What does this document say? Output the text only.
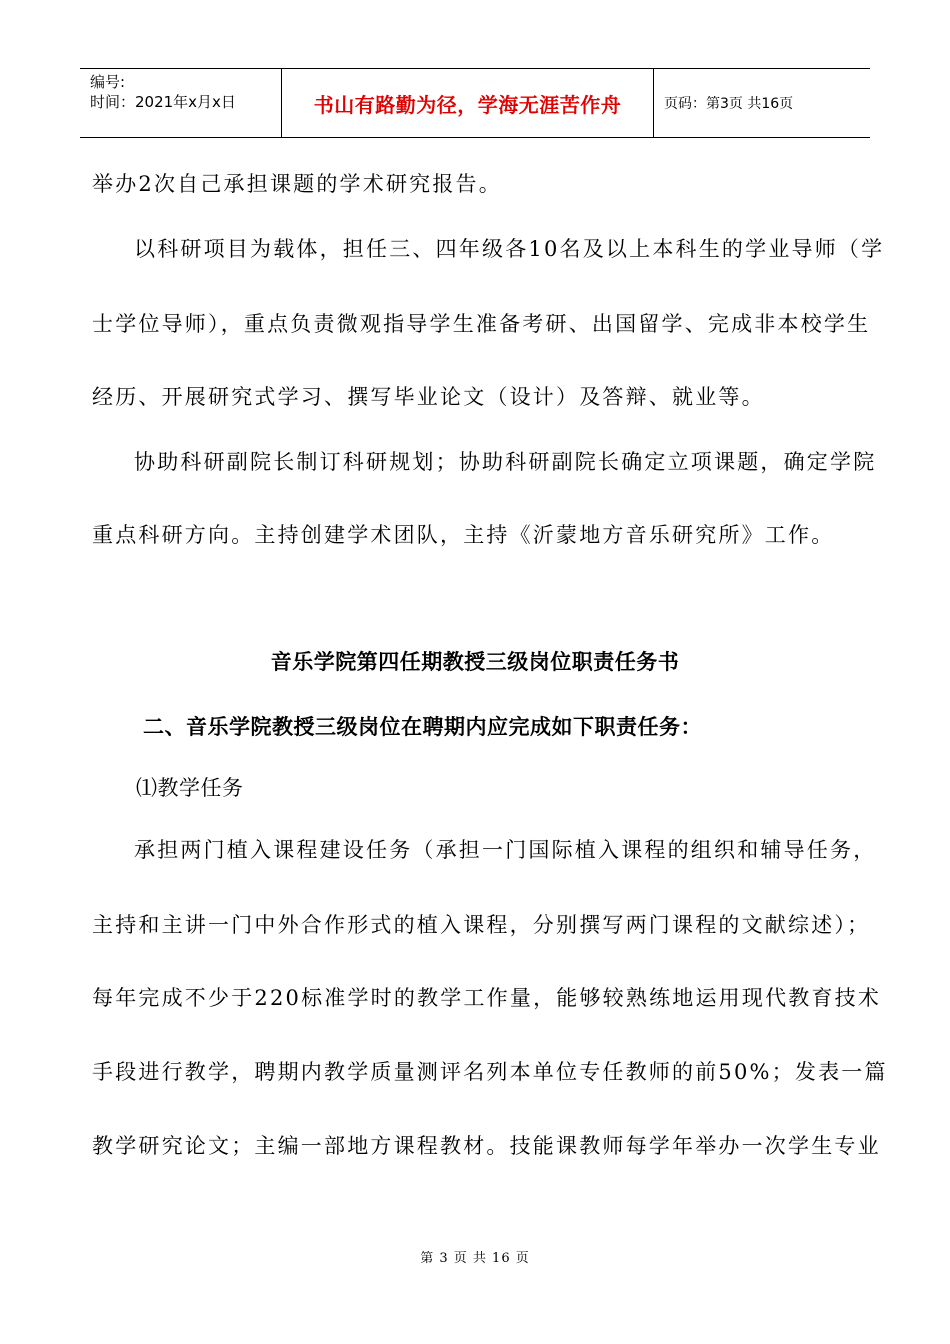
编号:
时间：2021年x月x日	书山有路勤为径，学海无涯苦作舟	页码：第3页 共16页
举办2次自己承担课题的学术研究报告。
以科研项目为载体，担任三、四年级各10名及以上本科生的学业导师（学
士学位导师），重点负责微观指导学生准备考研、出国留学、完成非本校学生
经历、开展研究式学习、撰写毕业论文（设计）及答辩、就业等。
协助科研副院长制订科研规划；协助科研副院长确定立项课题，确定学院
重点科研方向。主持创建学术团队，主持《沂蒙地方音乐研究所》工作。
音乐学院第四任期教授三级岗位职责任务书
二、音乐学院教授三级岗位在聘期内应完成如下职责任务：
⑴教学任务
承担两门植入课程建设任务（承担一门国际植入课程的组织和辅导任务，
主持和主讲一门中外合作形式的植入课程，分别撰写两门课程的文献综述）；
每年完成不少于220标准学时的教学工作量，能够较熟练地运用现代教育技术
手段进行教学，聘期内教学质量测评名列本单位专任教师的前50%；发表一篇
教学研究论文；主编一部地方课程教材。技能课教师每学年举办一次学生专业
第 3 页 共 16 页
